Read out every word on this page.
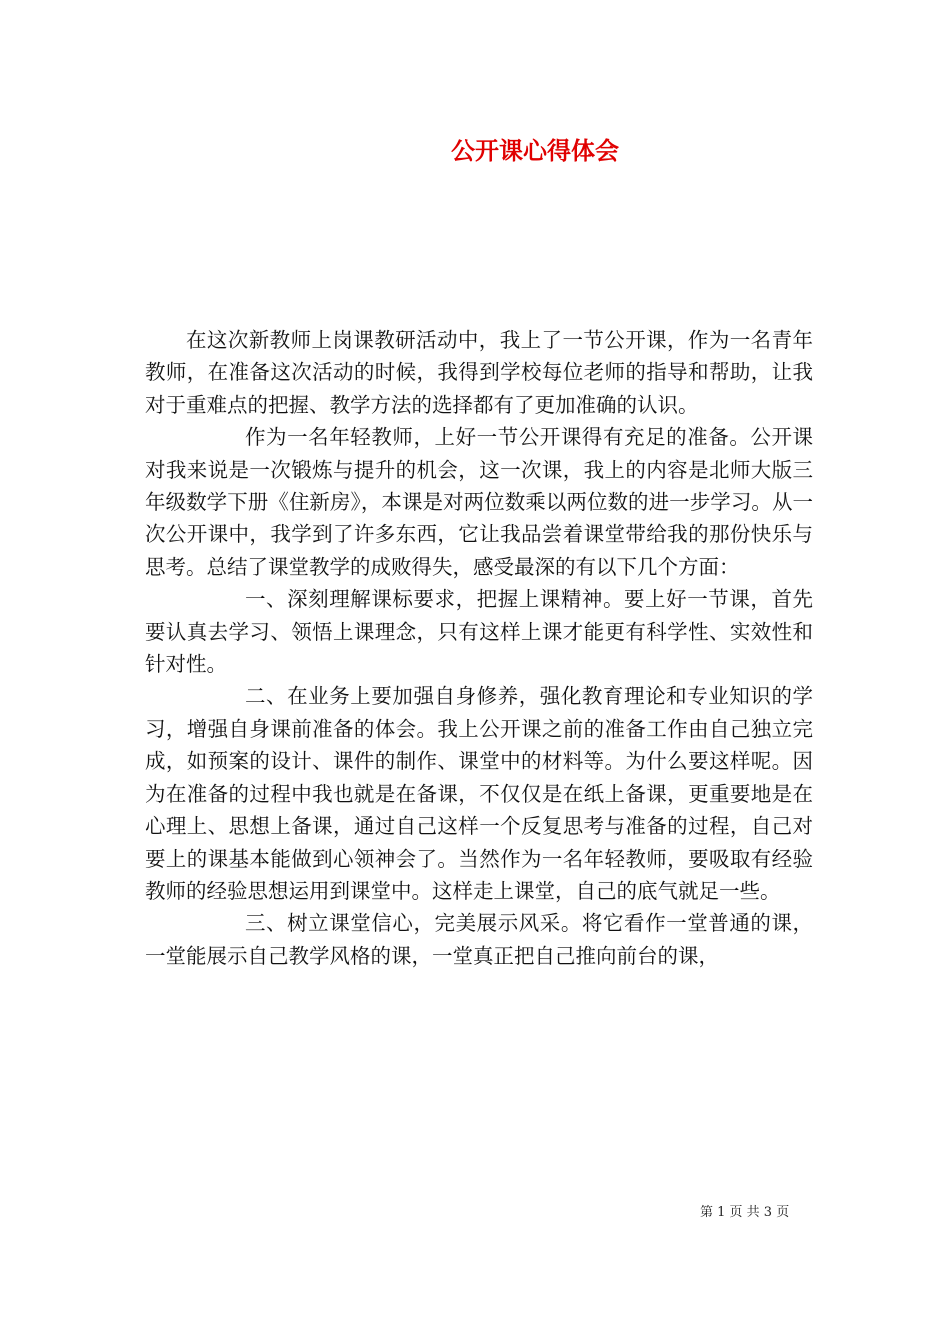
公开课心得体会

在这次新教师上岗课教研活动中，我上了一节公开课，作为一名青年教师，在准备这次活动的时候，我得到学校每位老师的指导和帮助，让我对于重难点的把握、教学方法的选择都有了更加准确的认识。

作为一名年轻教师，上好一节公开课得有充足的准备。公开课对我来说是一次锻炼与提升的机会，这一次课，我上的内容是北师大版三年级数学下册《住新房》，本课是对两位数乘以两位数的进一步学习。从一次公开课中，我学到了许多东西，它让我品尝着课堂带给我的那份快乐与思考。总结了课堂教学的成败得失，感受最深的有以下几个方面：

一、深刻理解课标要求，把握上课精神。要上好一节课，首先要认真去学习、领悟上课理念，只有这样上课才能更有科学性、实效性和针对性。

二、在业务上要加强自身修养，强化教育理论和专业知识的学习，增强自身课前准备的体会。我上公开课之前的准备工作由自己独立完成，如预案的设计、课件的制作、课堂中的材料等。为什么要这样呢。因为在准备的过程中我也就是在备课，不仅仅是在纸上备课，更重要地是在心理上、思想上备课，通过自己这样一个反复思考与准备的过程，自己对要上的课基本能做到心领神会了。当然作为一名年轻教师，要吸取有经验教师的经验思想运用到课堂中。这样走上课堂，自己的底气就足一些。

三、树立课堂信心，完美展示风采。将它看作一堂普通的课，一堂能展示自己教学风格的课，一堂真正把自己推向前台的课，

第 1 页 共 3 页
